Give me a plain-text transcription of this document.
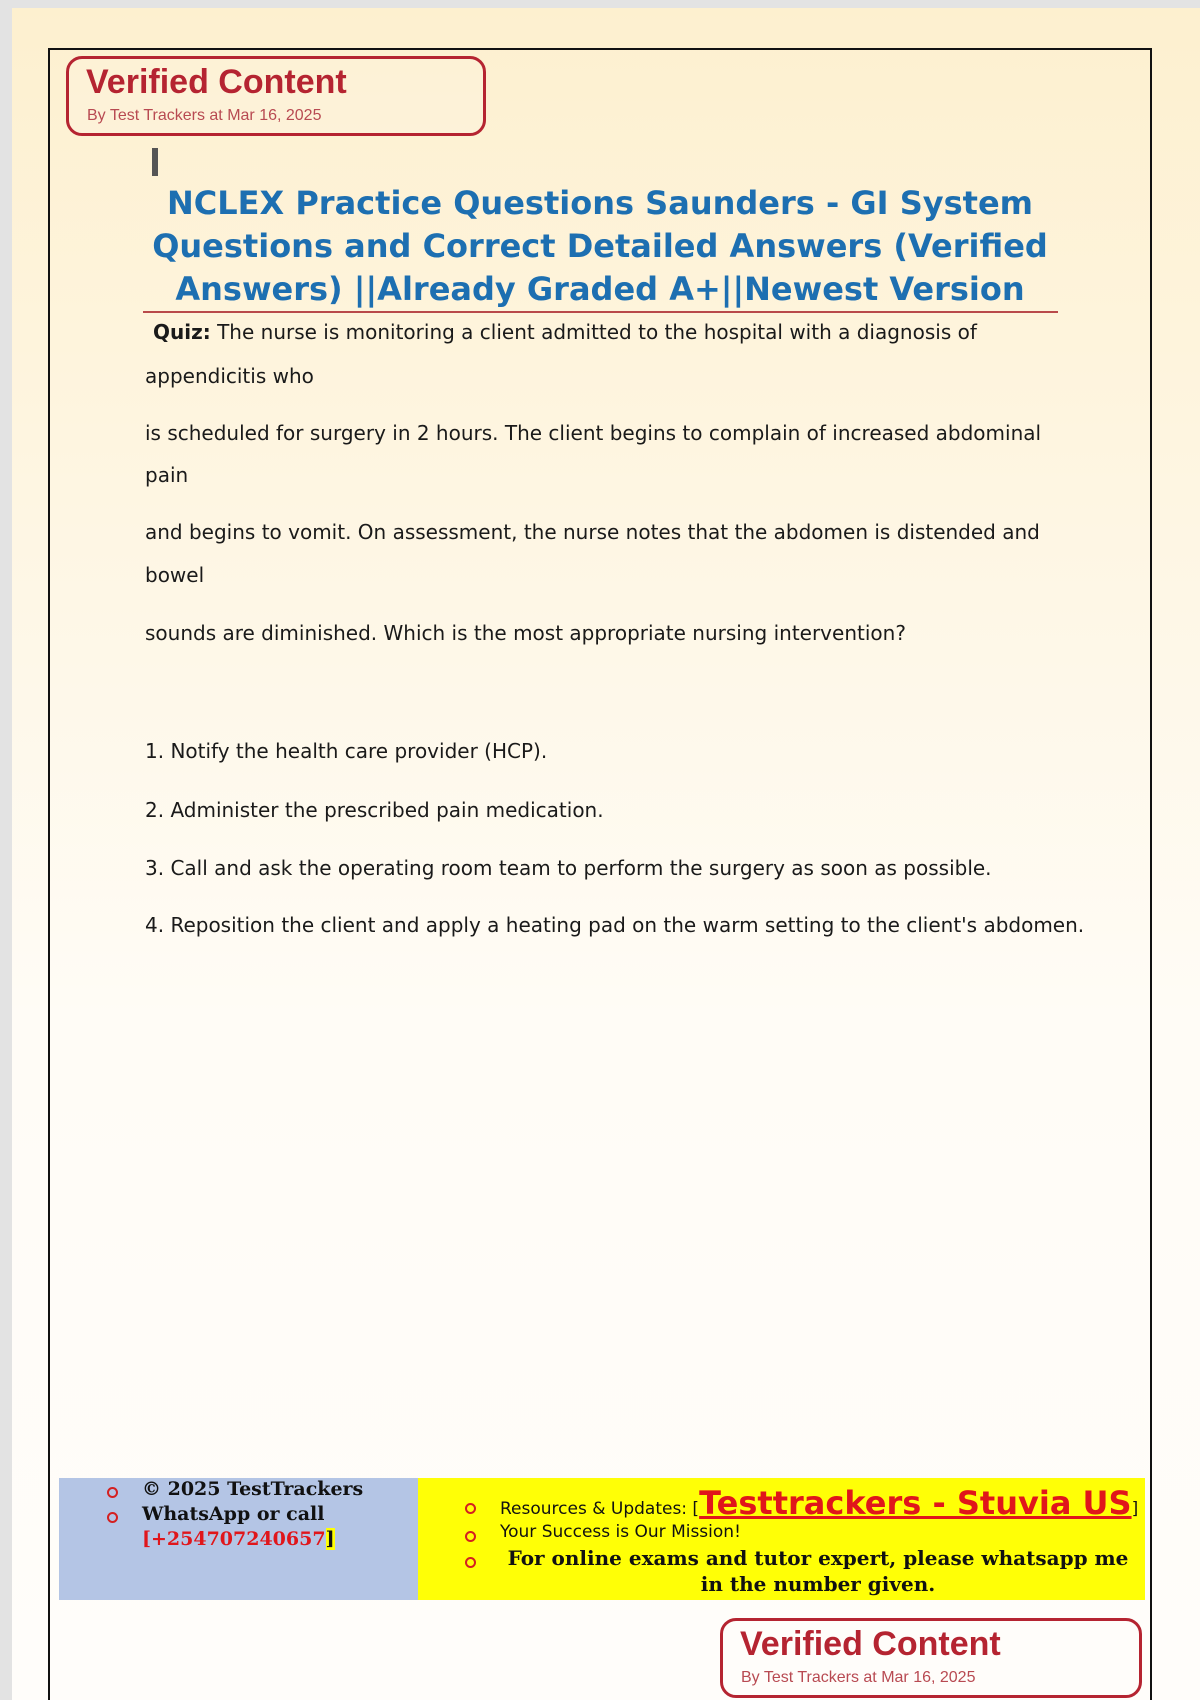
Verified Content
By Test Trackers at Mar 16, 2025
NCLEX Practice Questions Saunders - GI System Questions and Correct Detailed Answers (Verified Answers) ||Already Graded A+||Newest Version
Quiz: The nurse is monitoring a client admitted to the hospital with a diagnosis of
appendicitis who
is scheduled for surgery in 2 hours. The client begins to complain of increased abdominal
pain
and begins to vomit. On assessment, the nurse notes that the abdomen is distended and
bowel
sounds are diminished. Which is the most appropriate nursing intervention?
1. Notify the health care provider (HCP).
2. Administer the prescribed pain medication.
3. Call and ask the operating room team to perform the surgery as soon as possible.
4. Reposition the client and apply a heating pad on the warm setting to the client's abdomen.
© 2025 TestTrackers
WhatsApp or call
[+254707240657]
Resources & Updates: [Testtrackers - Stuvia US]
Your Success is Our Mission!
For online exams and tutor expert, please whatsapp me in the number given.
Verified Content
By Test Trackers at Mar 16, 2025
